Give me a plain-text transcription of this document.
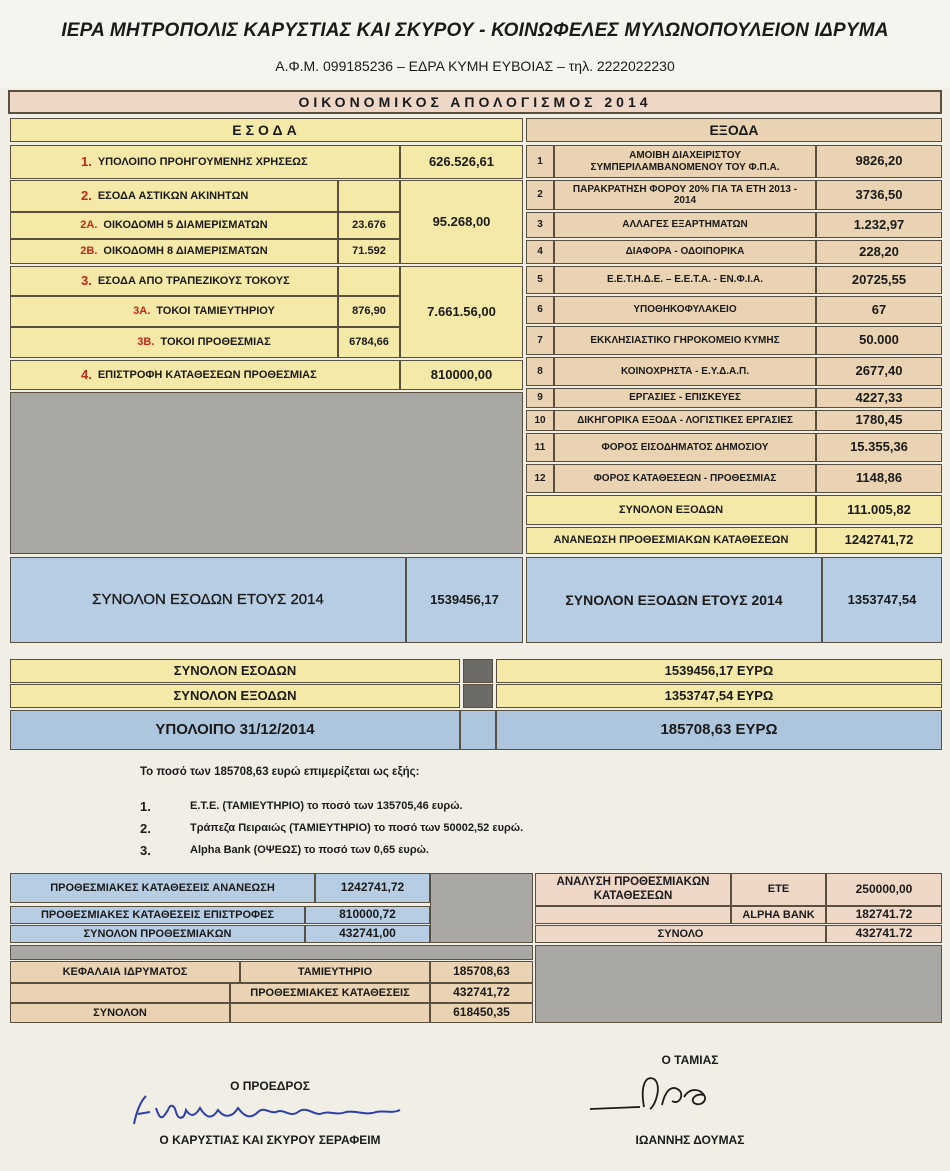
ΙΕΡΑ ΜΗΤΡΟΠΟΛΙΣ ΚΑΡΥΣΤΙΑΣ ΚΑΙ ΣΚΥΡΟΥ - ΚΟΙΝΩΦΕΛΕΣ ΜΥΛΩΝΟΠΟΥΛΕΙΟΝ ΙΔΡΥΜΑ
Α.Φ.Μ. 099185236 – ΕΔΡΑ ΚΥΜΗ ΕΥΒΟΙΑΣ – τηλ. 2222022230
ΟΙΚΟΝΟΜΙΚΟΣ ΑΠΟΛΟΓΙΣΜΟΣ 2014
ΕΣΟΔΑ
1. ΥΠΟΛΟΙΠΟ ΠΡΟΗΓΟΥΜΕΝΗΣ ΧΡΗΣΕΩΣ	626.526,61
2. ΕΣΟΔΑ ΑΣΤΙΚΩΝ ΑΚΙΝΗΤΩΝ
95.268,00
2Α. ΟΙΚΟΔΟΜΗ 5 ΔΙΑΜΕΡΙΣΜΑΤΩΝ	23.676
2Β. ΟΙΚΟΔΟΜΗ 8 ΔΙΑΜΕΡΙΣΜΑΤΩΝ	71.592
3. ΕΣΟΔΑ ΑΠΟ ΤΡΑΠΕΖΙΚΟΥΣ ΤΟΚΟΥΣ
7.661.56,00
3Α. ΤΟΚΟΙ ΤΑΜΙΕΥΤΗΡΙΟΥ	876,90
3Β. ΤΟΚΟΙ ΠΡΟΘΕΣΜΙΑΣ	6784,66
4. ΕΠΙΣΤΡΟΦΗ ΚΑΤΑΘΕΣΕΩΝ ΠΡΟΘΕΣΜΙΑΣ	810000,00
ΕΞΟΔΑ
1
ΑΜΟΙΒΗ ΔΙΑΧΕΙΡΙΣΤΟΥ ΣΥΜΠΕΡΙΛΑΜΒΑΝΟΜΕΝΟΥ ΤΟΥ Φ.Π.Α.	9826,20
2
ΠΑΡΑΚΡΑΤΗΣΗ ΦΟΡΟΥ 20% ΓΙΑ ΤΑ ΕΤΗ 2013 - 2014	3736,50
3	ΑΛΛΑΓΕΣ ΕΞΑΡΤΗΜΑΤΩΝ	1.232,97
4	ΔΙΑΦΟΡΑ - ΟΔΟΙΠΟΡΙΚΑ	228,20
5	Ε.Ε.Τ.Η.Δ.Ε. – Ε.Ε.Τ.Α. - ΕΝ.Φ.Ι.Α.	20725,55
6	ΥΠΟΘΗΚΟΦΥΛΑΚΕΙΟ	67
7	ΕΚΚΛΗΣΙΑΣΤΙΚΟ ΓΗΡΟΚΟΜΕΙΟ ΚΥΜΗΣ	50.000
8	ΚΟΙΝΟΧΡΗΣΤΑ - Ε.Υ.Δ.Α.Π.	2677,40
9	ΕΡΓΑΣΙΕΣ - ΕΠΙΣΚΕΥΕΣ	4227,33
10	ΔΙΚΗΓΟΡΙΚΑ ΕΞΟΔΑ - ΛΟΓΙΣΤΙΚΕΣ ΕΡΓΑΣΙΕΣ	1780,45
11	ΦΟΡΟΣ ΕΙΣΟΔΗΜΑΤΟΣ ΔΗΜΟΣΙΟΥ	15.355,36
12	ΦΟΡΟΣ ΚΑΤΑΘΕΣΕΩΝ - ΠΡΟΘΕΣΜΙΑΣ	1148,86
ΣΥΝΟΛΟΝ ΕΞΟΔΩΝ	111.005,82
ΑΝΑΝΕΩΣΗ ΠΡΟΘΕΣΜΙΑΚΩΝ ΚΑΤΑΘΕΣΕΩΝ	1242741,72
ΣΥΝΟΛΟΝ ΕΣΟΔΩΝ ΕΤΟΥΣ 2014	1539456,17	ΣΥΝΟΛΟΝ ΕΞΟΔΩΝ ΕΤΟΥΣ 2014	1353747,54
ΣΥΝΟΛΟΝ ΕΣΟΔΩΝ	1539456,17 ΕΥΡΩ
ΣΥΝΟΛΟΝ ΕΞΟΔΩΝ	1353747,54 ΕΥΡΩ
ΥΠΟΛΟΙΠΟ 31/12/2014	185708,63 ΕΥΡΩ
Το ποσό των 185708,63 ευρώ επιμερίζεται ως εξής:
1.	Ε.Τ.Ε. (ΤΑΜΙΕΥΤΗΡΙΟ) το ποσό των 135705,46 ευρώ.
2.	Τράπεζα Πειραιώς (ΤΑΜΙΕΥΤΗΡΙΟ) το ποσό των 50002,52 ευρώ.
3.	Alpha Bank (ΟΨΕΩΣ) το ποσό των 0,65 ευρώ.
ΠΡΟΘΕΣΜΙΑΚΕΣ ΚΑΤΑΘΕΣΕΙΣ ΑΝΑΝΕΩΣΗ	1242741,72
ΠΡΟΘΕΣΜΙΑΚΕΣ ΚΑΤΑΘΕΣΕΙΣ ΕΠΙΣΤΡΟΦΕΣ	810000,72
ΣΥΝΟΛΟΝ ΠΡΟΘΕΣΜΙΑΚΩΝ	432741,00
ΑΝΑΛΥΣΗ ΠΡΟΘΕΣΜΙΑΚΩΝ ΚΑΤΑΘΕΣΕΩΝ
ΕΤΕ	250000,00
ALPHA BANK	182741.72
ΣΥΝΟΛΟ	432741.72
ΚΕΦΑΛΑΙΑ ΙΔΡΥΜΑΤΟΣ	ΤΑΜΙΕΥΤΗΡΙΟ	185708,63
ΠΡΟΘΕΣΜΙΑΚΕΣ ΚΑΤΑΘΕΣΕΙΣ	432741,72
ΣΥΝΟΛΟΝ	618450,35
Ο ΠΡΟΕΔΡΟΣ
Ο ΚΑΡΥΣΤΙΑΣ ΚΑΙ ΣΚΥΡΟΥ ΣΕΡΑΦΕΙΜ
Ο ΤΑΜΙΑΣ
ΙΩΑΝΝΗΣ ΔΟΥΜΑΣ
